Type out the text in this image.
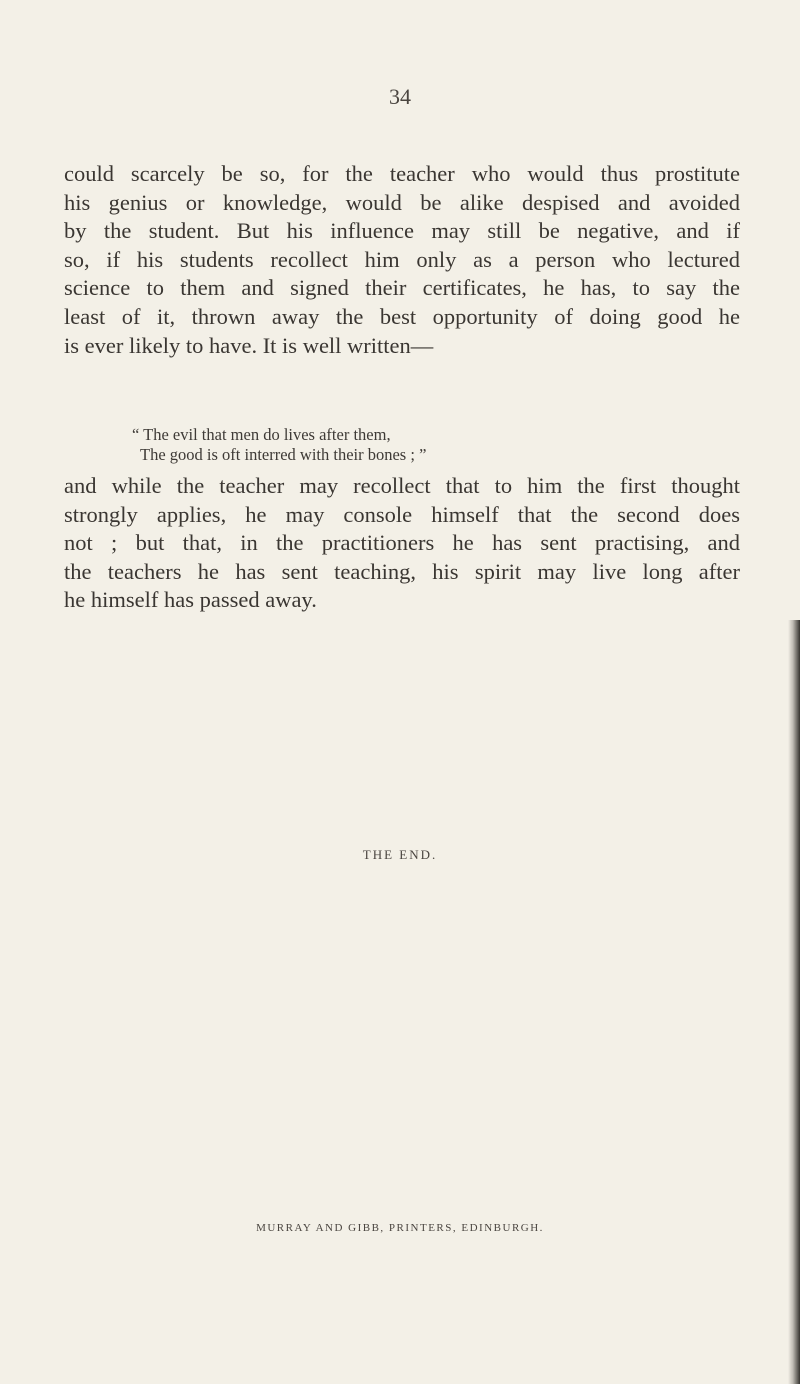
34
could scarcely be so, for the teacher who would thus prostitute
his genius or knowledge, would be alike despised and avoided
by the student. But his influence may still be negative, and if
so, if his students recollect him only as a person who lectured
science to them and signed their certificates, he has, to say the
least of it, thrown away the best opportunity of doing good he
is ever likely to have. It is well written—
“ The evil that men do lives after them,
The good is oft interred with their bones ; ”
and while the teacher may recollect that to him the first thought
strongly applies, he may console himself that the second does
not ; but that, in the practitioners he has sent practising, and
the teachers he has sent teaching, his spirit may live long after
he himself has passed away.
THE END.
MURRAY AND GIBB, PRINTERS, EDINBURGH.
